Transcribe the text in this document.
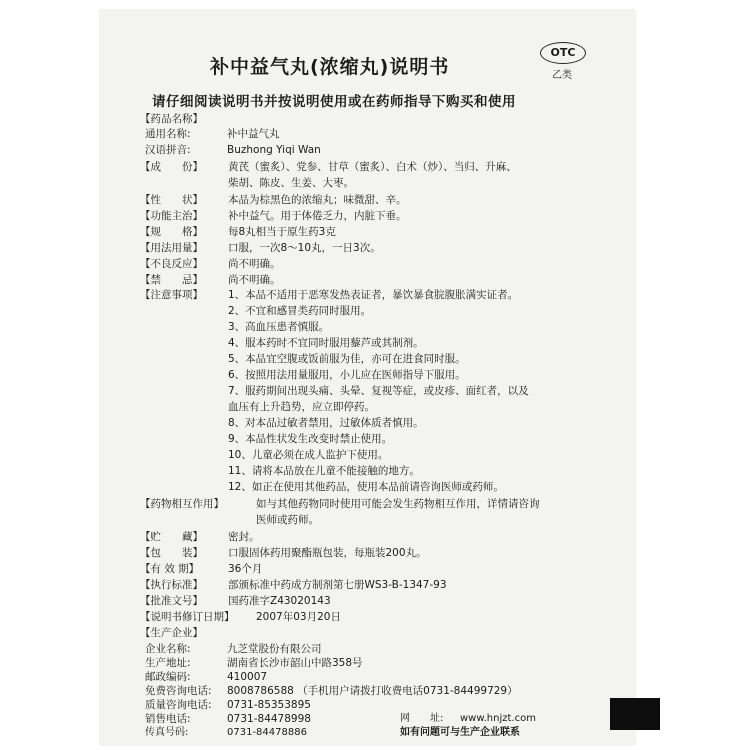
补中益气丸(浓缩丸)说明书
OTC
乙类
请仔细阅读说明书并按说明使用或在药师指导下购买和使用
【药品名称】
通用名称:	补中益气丸
汉语拼音:	Buzhong Yiqi Wan
【成　　份】 黄芪（蜜炙）、党参、甘草（蜜炙）、白术（炒）、当归、升麻、
柴胡、陈皮、生姜、大枣。
【性　　状】 本品为棕黑色的浓缩丸；味微甜、辛。
【功能主治】 补中益气。用于体倦乏力，内脏下垂。
【规　　格】 每8丸相当于原生药3克
【用法用量】 口服，一次8～10丸，一日3次。
【不良反应】 尚不明确。
【禁　　忌】 尚不明确。
【注意事项】 1、本品不适用于恶寒发热表证者，暴饮暴食脘腹胀满实证者。
2、不宜和感冒类药同时服用。
3、高血压患者慎服。
4、服本药时不宜同时服用藜芦或其制剂。
5、本品宜空腹或饭前服为佳，亦可在进食同时服。
6、按照用法用量服用，小儿应在医师指导下服用。
7、服药期间出现头痛、头晕、复视等症，或皮疹、面红者，以及
血压有上升趋势，应立即停药。
8、对本品过敏者禁用，过敏体质者慎用。
9、本品性状发生改变时禁止使用。
10、儿童必须在成人监护下使用。
11、请将本品放在儿童不能接触的地方。
12、如正在使用其他药品，使用本品前请咨询医师或药师。
【药物相互作用】	如与其他药物同时使用可能会发生药物相互作用，详情请咨询
医师或药师。
【贮　　藏】 密封。
【包　　装】 口服固体药用聚酯瓶包装，每瓶装200丸。
【有 效 期】	36个月
【执行标准】 部颁标准中药成方制剂第七册WS3-B-1347-93
【批准文号】 国药准字Z43020143
【说明书修订日期】 2007年03月20日
【生产企业】
企业名称:	九芝堂股份有限公司
生产地址:	湖南省长沙市韶山中路358号
邮政编码:	410007
免费咨询电话: 8008786588 （手机用户请拨打收费电话0731-84499729）
质量咨询电话: 0731-85353895
销售电话:	0731-84478998
传真号码:	0731-84478886
网　　址: www.hnjzt.com
如有问题可与生产企业联系
